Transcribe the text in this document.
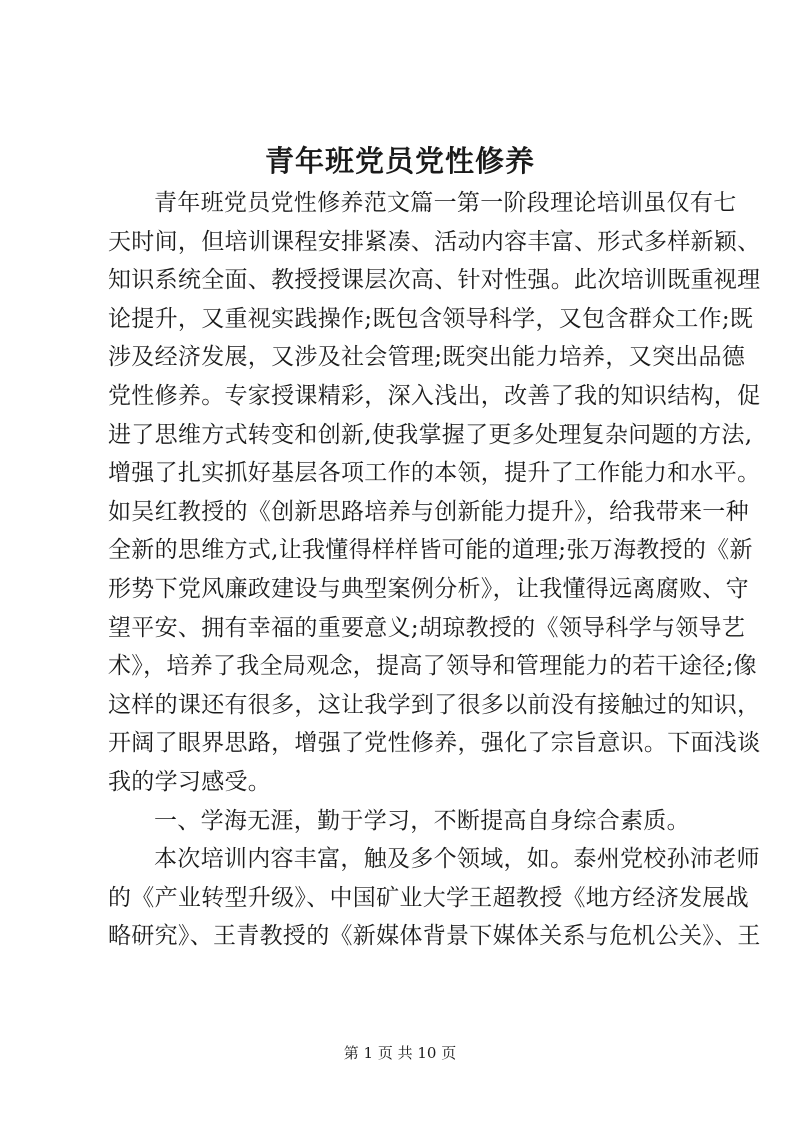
青年班党员党性修养
青年班党员党性修养范文篇一第一阶段理论培训虽仅有七
天时间，但培训课程安排紧凑、活动内容丰富、形式多样新颖、
知识系统全面、教授授课层次高、针对性强。此次培训既重视理
论提升，又重视实践操作;既包含领导科学，又包含群众工作;既
涉及经济发展，又涉及社会管理;既突出能力培养，又突出品德
党性修养。专家授课精彩，深入浅出，改善了我的知识结构，促
进了思维方式转变和创新,使我掌握了更多处理复杂问题的方法,
增强了扎实抓好基层各项工作的本领，提升了工作能力和水平。
如吴红教授的《创新思路培养与创新能力提升》，给我带来一种
全新的思维方式,让我懂得样样皆可能的道理;张万海教授的《新
形势下党风廉政建设与典型案例分析》，让我懂得远离腐败、守
望平安、拥有幸福的重要意义;胡琼教授的《领导科学与领导艺
术》，培养了我全局观念，提高了领导和管理能力的若干途径;像
这样的课还有很多，这让我学到了很多以前没有接触过的知识，
开阔了眼界思路，增强了党性修养，强化了宗旨意识。下面浅谈
我的学习感受。
一、学海无涯，勤于学习，不断提高自身综合素质。
本次培训内容丰富，触及多个领域，如。泰州党校孙沛老师
的《产业转型升级》、中国矿业大学王超教授《地方经济发展战
略研究》、王青教授的《新媒体背景下媒体关系与危机公关》、王
第 1 页 共 10 页
